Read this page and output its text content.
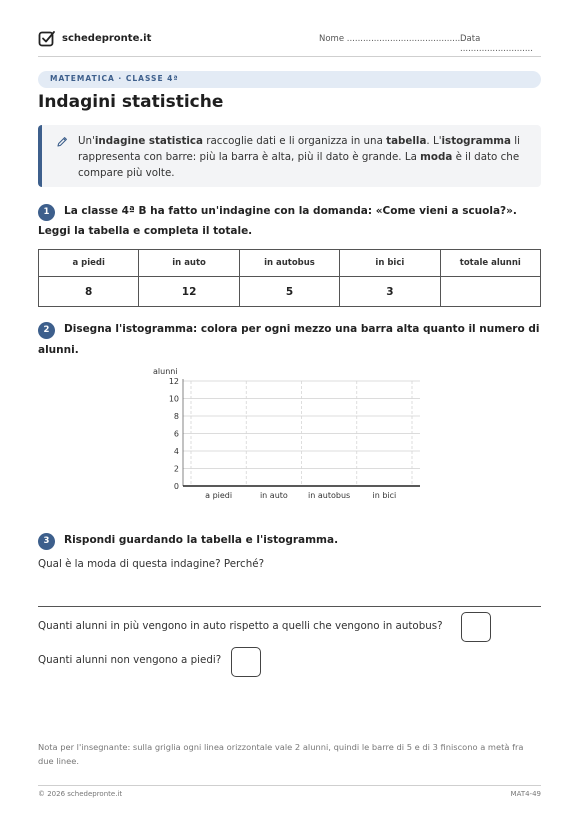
schedepronte.it	Nome .......................................... Data ...........................
MATEMATICA · CLASSE 4ª
Indagini statistiche
Un'indagine statistica raccoglie dati e li organizza in una tabella. L'istogramma li rappresenta con barre: più la barra è alta, più il dato è grande. La moda è il dato che compare più volte.
1	La classe 4ª B ha fatto un'indagine con la domanda: «Come vieni a scuola?».
Leggi la tabella e completa il totale.
a piedi	in auto	in autobus	in bici	totale alunni
8	12	5	3	
2	Disegna l'istogramma: colora per ogni mezzo una barra alta quanto il numero di
alunni.
alunni
0
2
4
6
8
10
12
a piedi	in auto	in autobus	in bici
3	Rispondi guardando la tabella e l'istogramma.
Qual è la moda di questa indagine? Perché?
Quanti alunni in più vengono in auto rispetto a quelli che vengono in autobus?
Quanti alunni non vengono a piedi?
Nota per l'insegnante: sulla griglia ogni linea orizzontale vale 2 alunni, quindi le barre di 5 e di 3 finiscono a metà fra due linee.
© 2026 schedepronte.it	MAT4-49
